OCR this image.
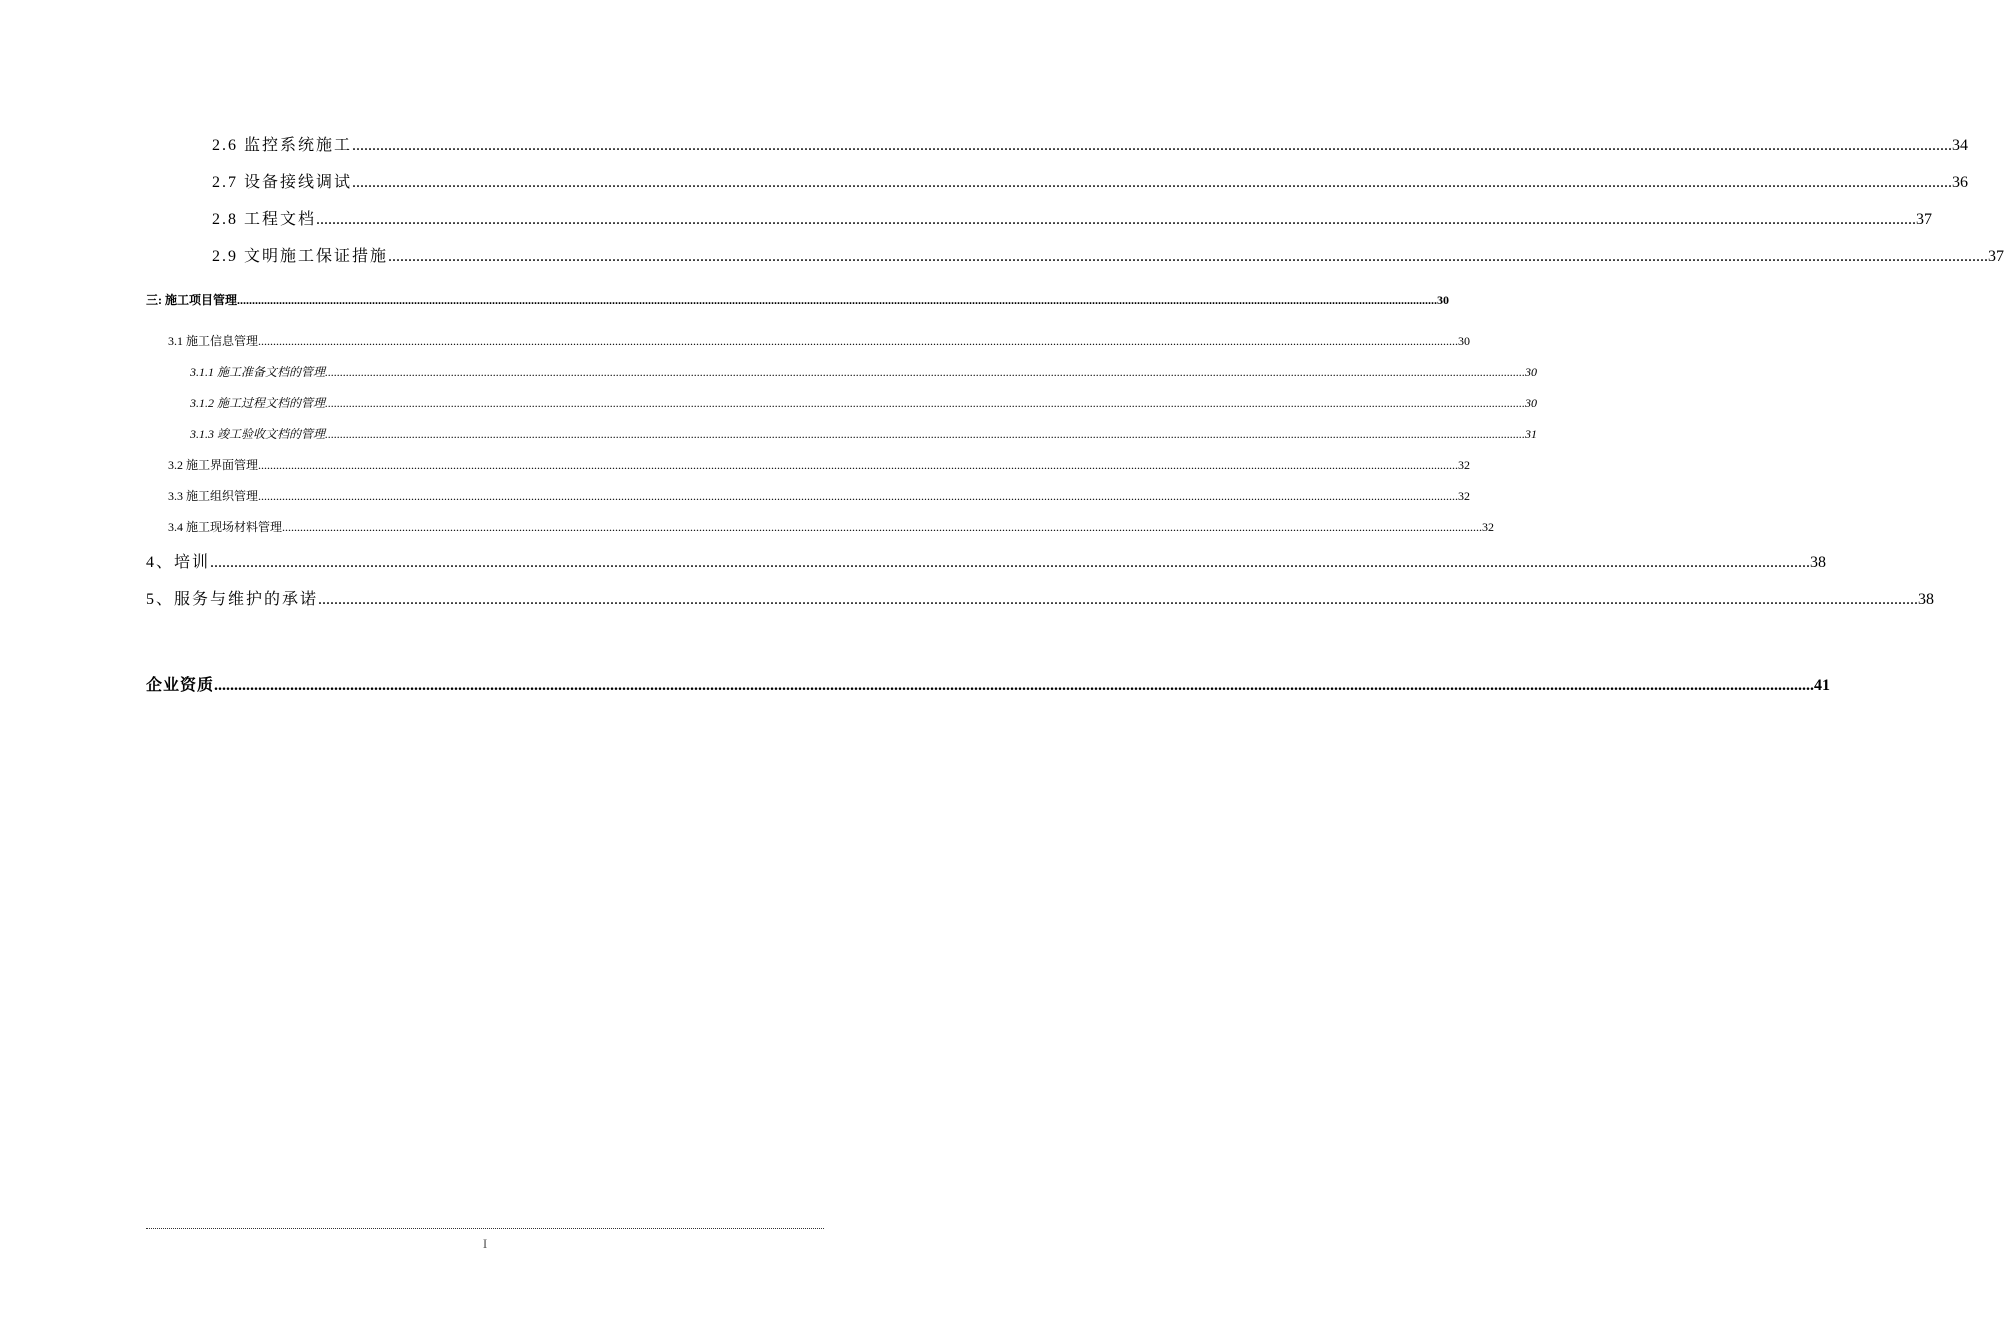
2.6 监控系统施工 ................................................................................................................................................................................................................................................................................................................................................................................................................ 34
2.7 设备接线调试 ................................................................................................................................................................................................................................................................................................................................................................................................................ 36
2.8 工程文档 ................................................................................................................................................................................................................................................................................................................................................................................................................ 37
2.9 文明施工保证措施 ................................................................................................................................................................................................................................................................................................................................................................................................................ 37
三: 施工项目管理 ................................................................................................................................................................................................................................................................................................................................................................................................................ 30
3.1 施工信息管理 ................................................................................................................................................................................................................................................................................................................................................................................................................ 30
3.1.1 施工准备文档的管理 ................................................................................................................................................................................................................................................................................................................................................................................................................ 30
3.1.2 施工过程文档的管理 ................................................................................................................................................................................................................................................................................................................................................................................................................ 30
3.1.3 竣工验收文档的管理 ................................................................................................................................................................................................................................................................................................................................................................................................................ 31
3.2 施工界面管理 ................................................................................................................................................................................................................................................................................................................................................................................................................ 32
3.3 施工组织管理 ................................................................................................................................................................................................................................................................................................................................................................................................................ 32
3.4 施工现场材料管理 ................................................................................................................................................................................................................................................................................................................................................................................................................ 32
4、培训 ................................................................................................................................................................................................................................................................................................................................................................................................................ 38
5、服务与维护的承诺 ................................................................................................................................................................................................................................................................................................................................................................................................................ 38
企业资质 ................................................................................................................................................................................................................................................................................................................................................................................................................ 41
I
